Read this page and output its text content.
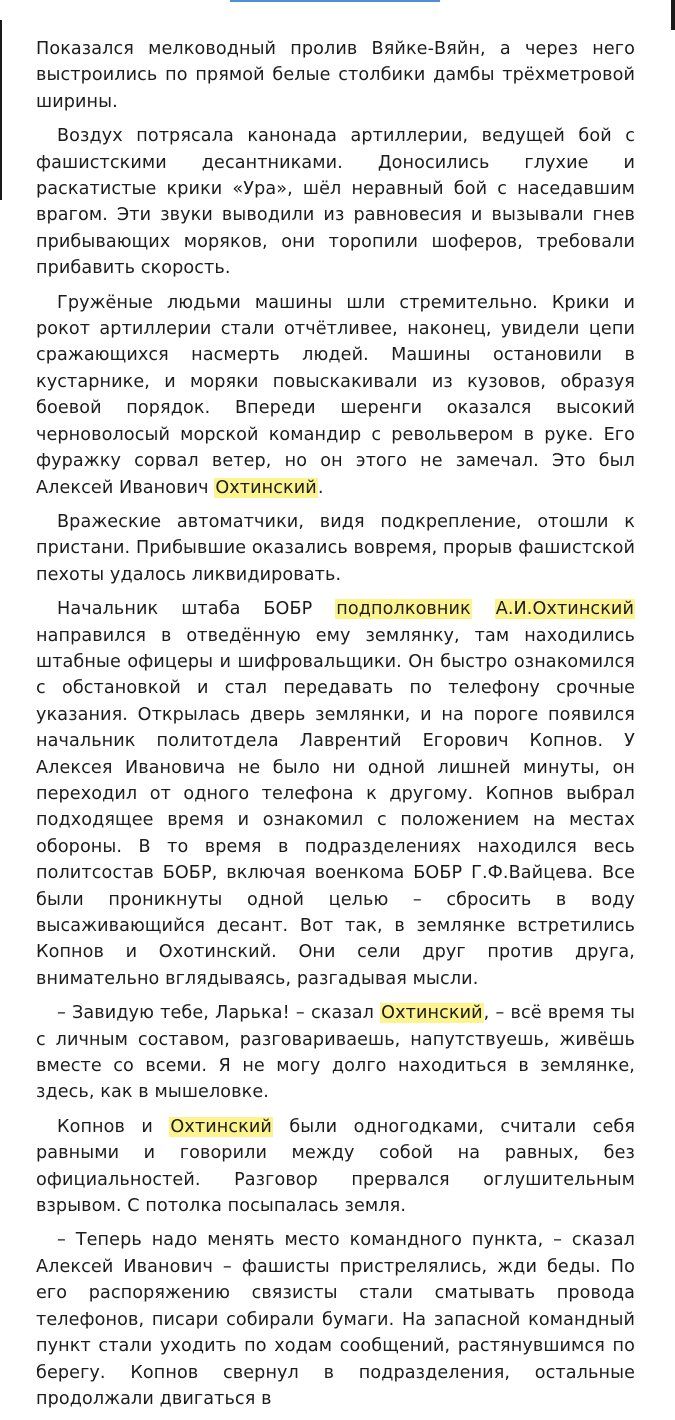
Показался мелководный пролив Вяйке-Вяйн, а через него выстроились по прямой белые столбики дамбы трёхметровой ширины.

Воздух потрясала канонада артиллерии, ведущей бой с фашистскими десантниками. Доносились глухие и раскатистые крики «Ура», шёл неравный бой с наседавшим врагом. Эти звуки выводили из равновесия и вызывали гнев прибывающих моряков, они торопили шоферов, требовали прибавить скорость.

Гружёные людьми машины шли стремительно. Крики и рокот артиллерии стали отчётливее, наконец, увидели цепи сражающихся насмерть людей. Машины остановили в кустарнике, и моряки повыскакивали из кузовов, образуя боевой порядок. Впереди шеренги оказался высокий черноволосый морской командир с револьвером в руке. Его фуражку сорвал ветер, но он этого не замечал. Это был Алексей Иванович Охтинский.

Вражеские автоматчики, видя подкрепление, отошли к пристани. Прибывшие оказались вовремя, прорыв фашистской пехоты удалось ликвидировать.

Начальник штаба БОБР подполковник А.И.Охтинский направился в отведённую ему землянку, там находились штабные офицеры и шифровальщики. Он быстро ознакомился с обстановкой и стал передавать по телефону срочные указания. Открылась дверь землянки, и на пороге появился начальник политотдела Лаврентий Егорович Копнов. У Алексея Ивановича не было ни одной лишней минуты, он переходил от одного телефона к другому. Копнов выбрал подходящее время и ознакомил с положением на местах обороны. В то время в подразделениях находился весь политсостав БОБР, включая военкома БОБР Г.Ф.Вайцева. Все были проникнуты одной целью – сбросить в воду высаживающийся десант. Вот так, в землянке встретились Копнов и Охотинский. Они сели друг против друга, внимательно вглядываясь, разгадывая мысли.

– Завидую тебе, Ларька! – сказал Охтинский, – всё время ты с личным составом, разговариваешь, напутствуешь, живёшь вместе со всеми. Я не могу долго находиться в землянке, здесь, как в мышеловке.

Копнов и Охтинский были одногодками, считали себя равными и говорили между собой на равных, без официальностей. Разговор прервался оглушительным взрывом. С потолка посыпалась земля.

– Теперь надо менять место командного пункта, – сказал Алексей Иванович – фашисты пристрелялись, жди беды. По его распоряжению связисты стали сматывать провода телефонов, писари собирали бумаги. На запасной командный пункт стали уходить по ходам сообщений, растянувшимся по берегу. Копнов свернул в подразделения, остальные продолжали двигаться в
